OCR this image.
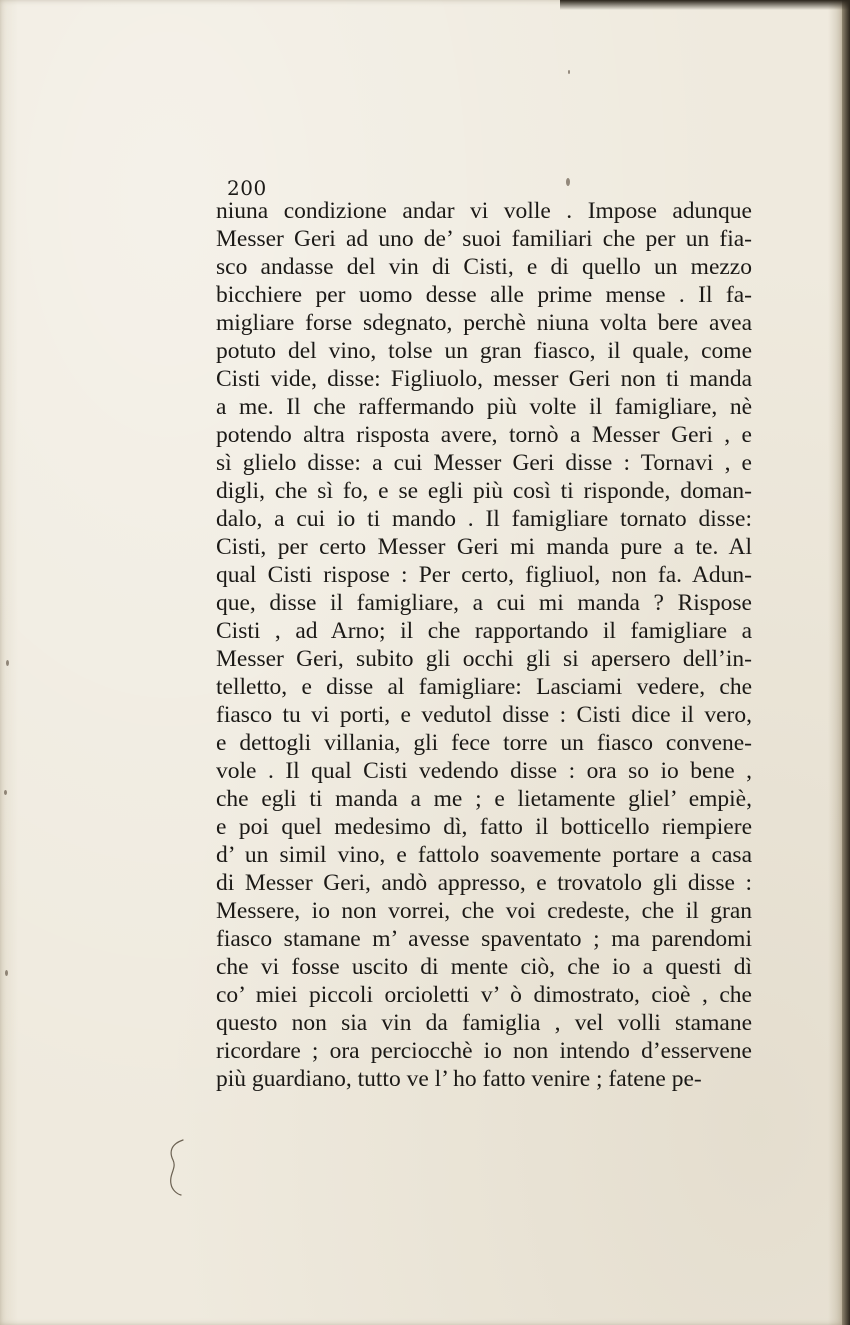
200
niuna condizione andar vi volle . Impose adunque
Messer Geri ad uno de’ suoi familiari che per un fia-
sco andasse del vin di Cisti, e di quello un mezzo
bicchiere per uomo desse alle prime mense . Il fa-
migliare forse sdegnato, perchè niuna volta bere avea
potuto del vino, tolse un gran fiasco, il quale, come
Cisti vide, disse: Figliuolo, messer Geri non ti manda
a me. Il che raffermando più volte il famigliare, nè
potendo altra risposta avere, tornò a Messer Geri , e
sì glielo disse: a cui Messer Geri disse : Tornavi , e
digli, che sì fo, e se egli più così ti risponde, doman-
dalo, a cui io ti mando . Il famigliare tornato disse:
Cisti, per certo Messer Geri mi manda pure a te. Al
qual Cisti rispose : Per certo, figliuol, non fa. Adun-
que, disse il famigliare, a cui mi manda ? Rispose
Cisti , ad Arno; il che rapportando il famigliare a
Messer Geri, subito gli occhi gli si apersero dell’in-
telletto, e disse al famigliare: Lasciami vedere, che
fiasco tu vi porti, e vedutol disse : Cisti dice il vero,
e dettogli villania, gli fece torre un fiasco convene-
vole . Il qual Cisti vedendo disse : ora so io bene ,
che egli ti manda a me ; e lietamente gliel’ empiè,
e poi quel medesimo dì, fatto il botticello riempiere
d’ un simil vino, e fattolo soavemente portare a casa
di Messer Geri, andò appresso, e trovatolo gli disse :
Messere, io non vorrei, che voi credeste, che il gran
fiasco stamane m’ avesse spaventato ; ma parendomi
che vi fosse uscito di mente ciò, che io a questi dì
co’ miei piccoli orcioletti v’ ò dimostrato, cioè , che
questo non sia vin da famiglia , vel volli stamane
ricordare ; ora perciocchè io non intendo d’esservene
più guardiano, tutto ve l’ ho fatto venire ; fatene pe-
